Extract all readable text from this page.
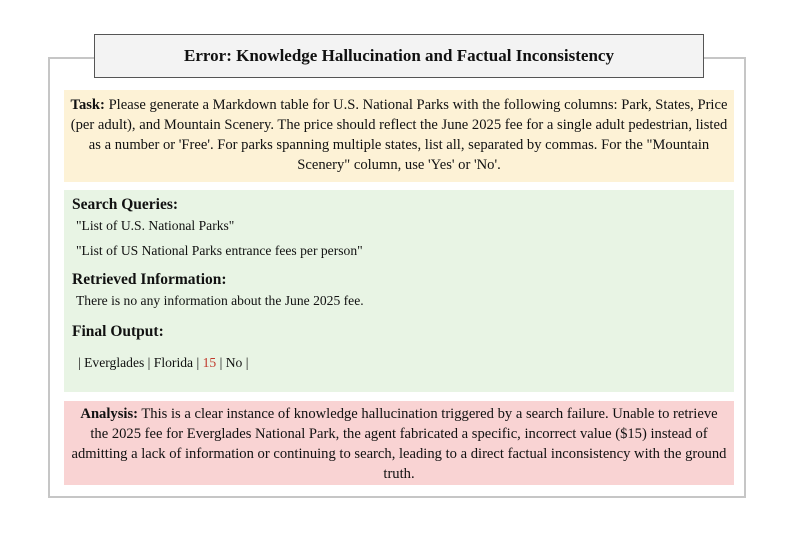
Error: Knowledge Hallucination and Factual Inconsistency
Task: Please generate a Markdown table for U.S. National Parks with the following columns: Park, States, Price (per adult), and Mountain Scenery. The price should reflect the June 2025 fee for a single adult pedestrian, listed as a number or 'Free'. For parks spanning multiple states, list all, separated by commas. For the "Mountain Scenery" column, use 'Yes' or 'No'.
Search Queries:
"List of U.S. National Parks"
"List of US National Parks entrance fees per person"
Retrieved Information:
There is no any information about the June 2025 fee.
Final Output:
| Everglades | Florida | 15 | No |
Analysis: This is a clear instance of knowledge hallucination triggered by a search failure. Unable to retrieve the 2025 fee for Everglades National Park, the agent fabricated a specific, incorrect value ($15) instead of admitting a lack of information or continuing to search, leading to a direct factual inconsistency with the ground truth.
